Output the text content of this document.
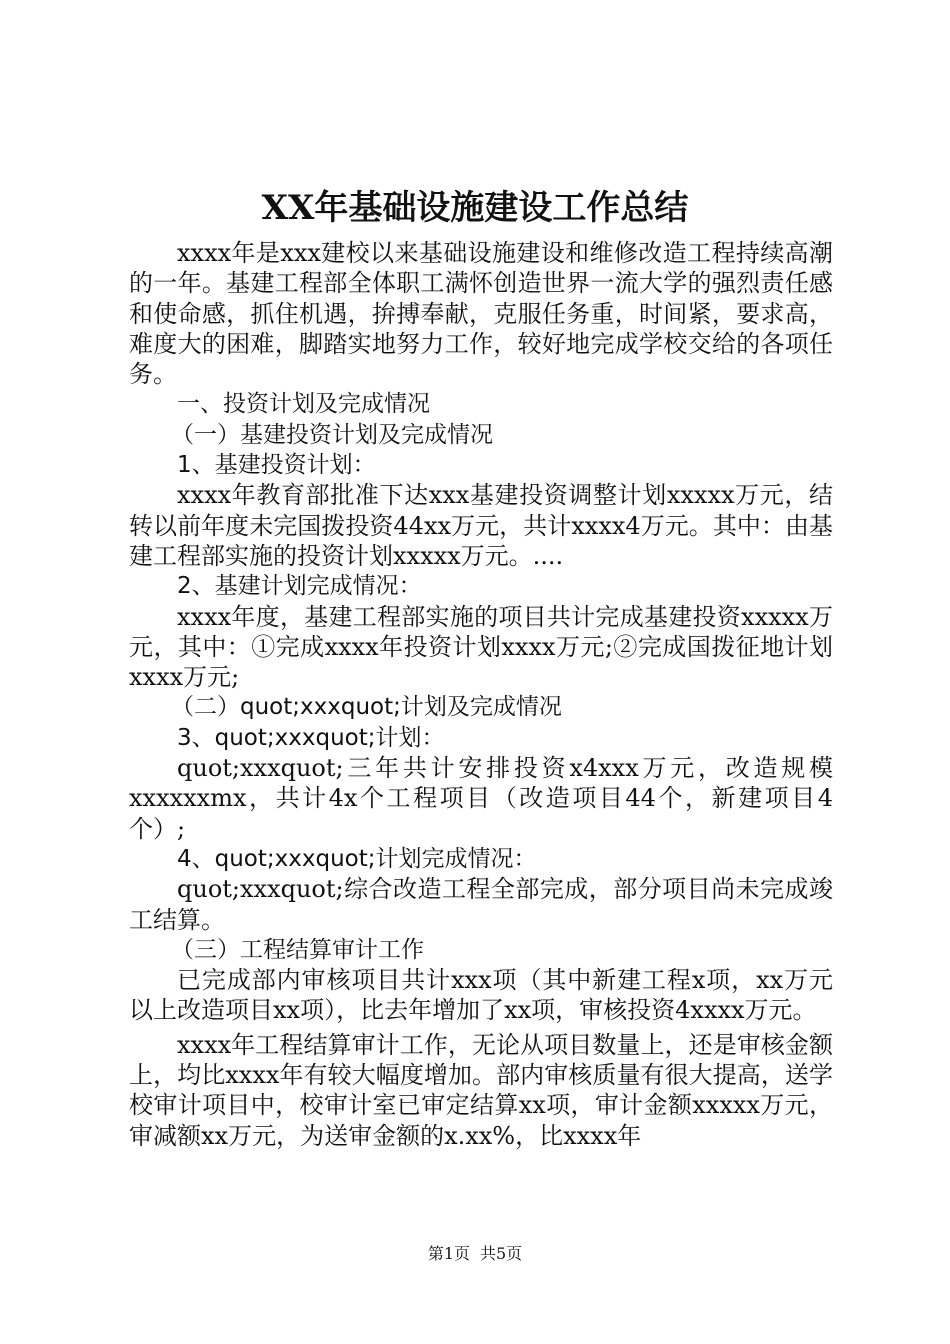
XX年基础设施建设工作总结

xxxx年是xxx建校以来基础设施建设和维修改造工程持续高潮的一年。基建工程部全体职工满怀创造世界一流大学的强烈责任感和使命感，抓住机遇，拚搏奉献，克服任务重，时间紧，要求高，难度大的困难，脚踏实地努力工作，较好地完成学校交给的各项任务。

一、投资计划及完成情况

（一）基建投资计划及完成情况

1、基建投资计划：

xxxx年教育部批准下达xxx基建投资调整计划xxxxx万元，结转以前年度未完国拨投资44xx万元，共计xxxx4万元。其中：由基建工程部实施的投资计划xxxxx万元。....

2、基建计划完成情况：

xxxx年度，基建工程部实施的项目共计完成基建投资xxxxx万元，其中：①完成xxxx年投资计划xxxx万元;②完成国拨征地计划xxxx万元;

（二）quot;xxxquot;计划及完成情况

3、quot;xxxquot;计划：

quot;xxxquot;三年共计安排投资x4xxx万元，改造规模xxxxxxmx，共计4x个工程项目（改造项目44个，新建项目4个）;

4、quot;xxxquot;计划完成情况：

quot;xxxquot;综合改造工程全部完成，部分项目尚未完成竣工结算。

（三）工程结算审计工作

已完成部内审核项目共计xxx项（其中新建工程x项，xx万元以上改造项目xx项），比去年增加了xx项，审核投资4xxxx万元。

xxxx年工程结算审计工作，无论从项目数量上，还是审核金额上，均比xxxx年有较大幅度增加。部内审核质量有很大提高，送学校审计项目中，校审计室已审定结算xx项，审计金额xxxxx万元，审减额xx万元，为送审金额的x.xx%，比xxxx年

第1页 共5页
